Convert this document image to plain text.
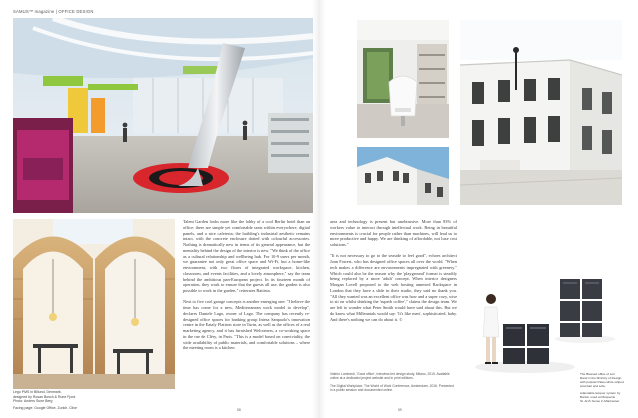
SAMUS™ magazine | OFFICE DESIGN

Lego PMS in Billund, Denmark,
designed by Rosan Bosch & Rune Fjord.
Photo: Anders Sune Berg

Facing page: Google Office, Zurich. Clive

Talent Garden looks more like the lobby of a cool Berlin hotel than an office: there are simple yet comfortable seats within everywhere, digital panels, and a nice cafeteria; the building's industrial aesthetic remains intact, with the concrete enclosure dotted with colourful accessories. Nothing is dramatically new in terms of its general appearance, but the mentality behind the design of the interior is new. "We think of the office as a cultural relationship and wellbeing hub. For 10-9 users per month, we guarantee not only great office space and Wi-Fi, but a home-like environment, with two floors of integrated workspace, kitchen, classroom, and events facilities, and a lovely atmosphere," say the team behind the ambitious pan-European project. In its fourteen month of operation, they work to ensure that the guests all use, the garden is also possible to work in the garden," reiterates Battista.

Next to five cool garage concepts is another emerging one: "I believe the time has come for a new, Mediterranean work model to develop", declares Daniele Lago, owner of Lago. The company has recently re-designed office spaces for banking group Intesa Sanpaolo's innovation centre in the Eataly Flatiron store in Turin, as well as the offices of a real marketing agency, and it has furnished Welcomers, a co-working space in the rue de Cléry, in Paris. "This is a model based on conviviality, the wide availability of public materials, and comfortable solutions – where the meeting room is a kitchen

area and technology is present but unobtrusive. More than 83% of workers value to interact through intellectual work. Being in beautiful environments is crucial for people rather than machines, will lead us to more productive and happy. We are thinking of affordable, not luxe cost solutions."

"It is not necessary to go to the seaside to feel good", echoes architect Joan Forrest, who has designed office spaces all over the world. "When tech makes a difference are environments impregnated with greenery." Which could also be the reason why the 'playground' format is steadily being replaced by a more 'adult' concept. When interior designers Morgan Lovell proposed to the web hosting annexed Rackspace in London that they have a slide in their studio, they said no thank you. "All they wanted was an excellent office was how and a super cozy, wise to sit on whilst drinking the 'superb coffee'," claims the design team. We are left to wonder what Peter Smith would have said about this. But we do know what Millennials would say: 'It's like men', sophisticated, baby. And there's nothing we can do about it. ©

Valerio Lombardi, 'Good office', interview-led design study, Milano, 2015. Available online at a dedicated project website and in print editions.

The Digital Workplace, The World of Work Conference, Amsterdam, 2016. Presented in a public session and documented online.

The Blessed office of Lori
Rand in the Ministry of Design,
with popular Palau white striped
armchair and sofa.

Adjustable lacquer system by
Bartoli, used at Mcquarrie
St. Arch house in Marinamar.

58	59
